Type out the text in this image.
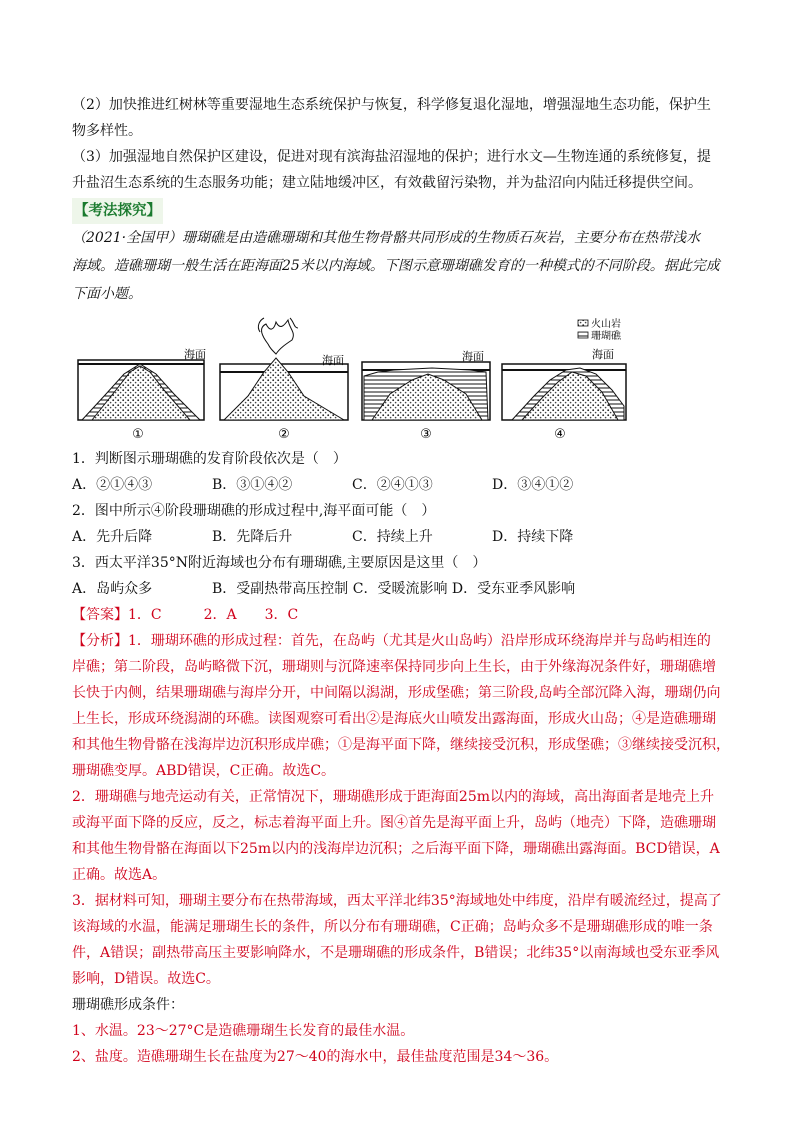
（2）加快推进红树林等重要湿地生态系统保护与恢复，科学修复退化湿地，增强湿地生态功能，保护生

物多样性。

（3）加强湿地自然保护区建设，促进对现有滨海盐沼湿地的保护；进行水文—生物连通的系统修复，提

升盐沼生态系统的生态服务功能；建立陆地缓冲区，有效截留污染物，并为盐沼向内陆迁移提供空间。

【考法探究】

（2021·全国甲）珊瑚礁是由造礁珊瑚和其他生物骨骼共同形成的生物质石灰岩，主要分布在热带浅水

海域。造礁珊瑚一般生活在距海面25米以内海域。下图示意珊瑚礁发育的一种模式的不同阶段。据此完成

下面小题。

海面
①
海面
②
海面
③
火山岩
珊瑚礁
海面
④

1．判断图示珊瑚礁的发育阶段依次是（　）

A．②①④③	B．③①④②	C．②④①③	D．③④①②

2．图中所示④阶段珊瑚礁的形成过程中,海平面可能（　）

A．先升后降	B．先降后升	C．持续上升	D．持续下降

3．西太平洋35°N附近海域也分布有珊瑚礁,主要原因是这里（　）

A．岛屿众多	B．受副热带高压控制 C．受暖流影响 D．受东亚季风影响

【答案】1．C　　　2．A　　3．C

【分析】1．珊瑚环礁的形成过程：首先，在岛屿（尤其是火山岛屿）沿岸形成环绕海岸并与岛屿相连的

岸礁；第二阶段，岛屿略微下沉，珊瑚则与沉降速率保持同步向上生长，由于外缘海况条件好，珊瑚礁增

长快于内侧，结果珊瑚礁与海岸分开，中间隔以潟湖，形成堡礁；第三阶段,岛屿全部沉降入海，珊瑚仍向

上生长，形成环绕潟湖的环礁。读图观察可看出②是海底火山喷发出露海面，形成火山岛；④是造礁珊瑚

和其他生物骨骼在浅海岸边沉积形成岸礁；①是海平面下降，继续接受沉积，形成堡礁；③继续接受沉积，

珊瑚礁变厚。ABD错误，C正确。故选C。

2．珊瑚礁与地壳运动有关，正常情况下，珊瑚礁形成于距海面25m以内的海域，高出海面者是地壳上升

或海平面下降的反应，反之，标志着海平面上升。图④首先是海平面上升，岛屿（地壳）下降，造礁珊瑚

和其他生物骨骼在海面以下25m以内的浅海岸边沉积；之后海平面下降，珊瑚礁出露海面。BCD错误，A

正确。故选A。

3．据材料可知，珊瑚主要分布在热带海域，西太平洋北纬35°海域地处中纬度，沿岸有暖流经过，提高了

该海域的水温，能满足珊瑚生长的条件，所以分布有珊瑚礁，C正确；岛屿众多不是珊瑚礁形成的唯一条

件，A错误；副热带高压主要影响降水，不是珊瑚礁的形成条件，B错误；北纬35°以南海域也受东亚季风

影响，D错误。故选C。

珊瑚礁形成条件：

1、水温。23～27°C是造礁珊瑚生长发育的最佳水温。

2、盐度。造礁珊瑚生长在盐度为27～40的海水中，最佳盐度范围是34～36。
